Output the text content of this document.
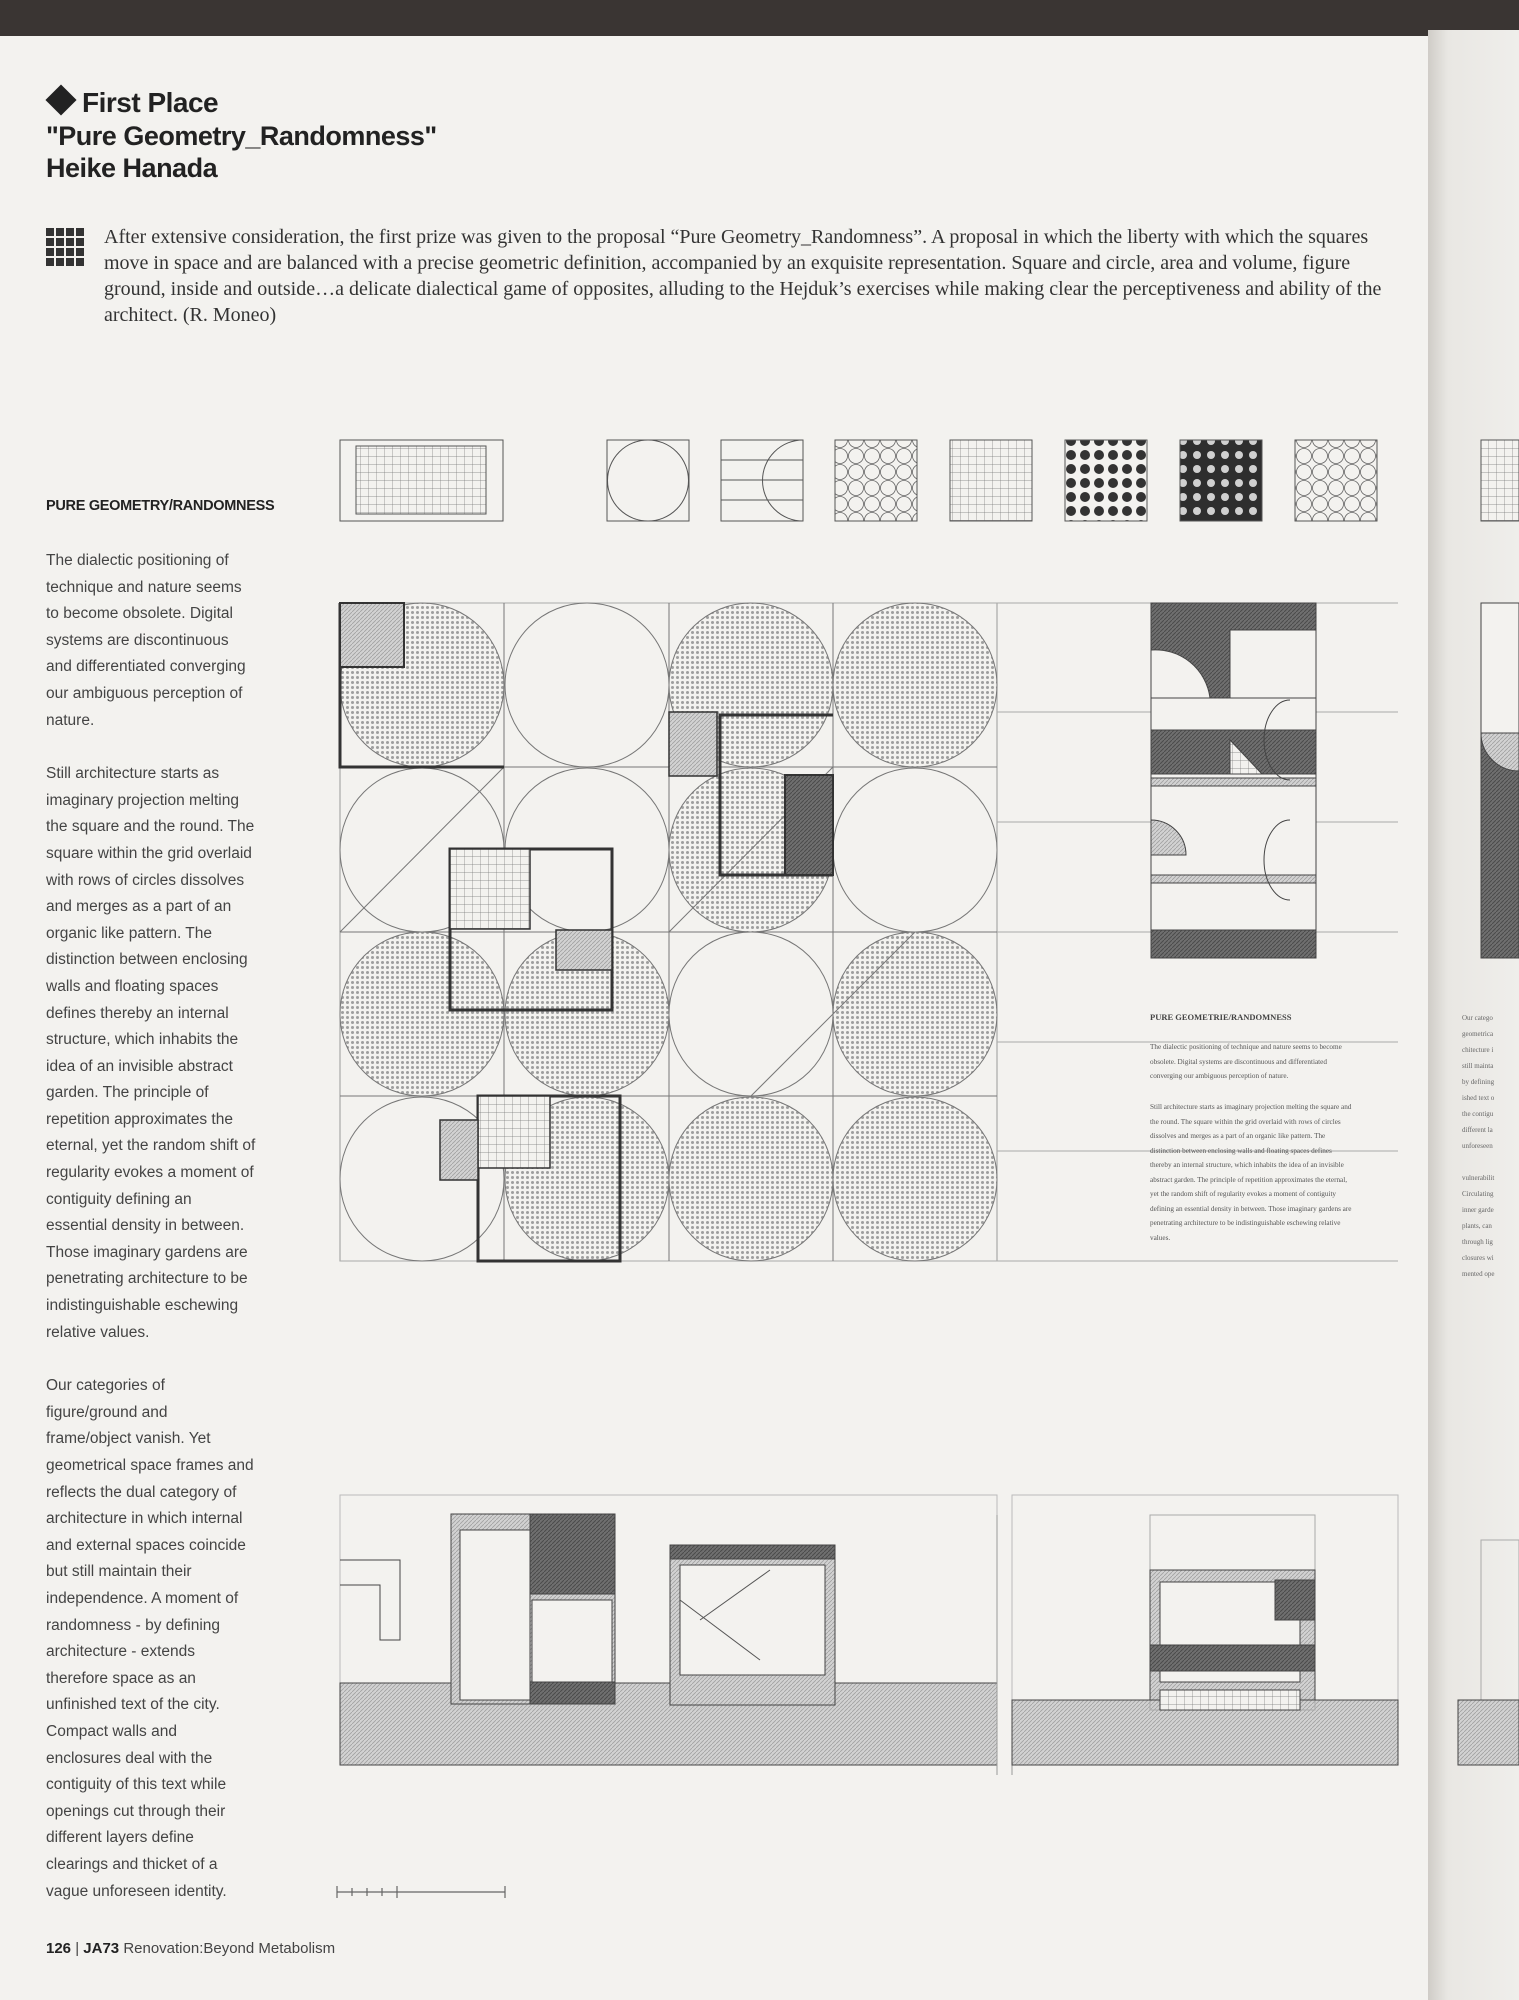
First Place
"Pure Geometry_Randomness"
Heike Hanada
After extensive consideration, the first prize was given to the proposal “Pure Geometry_Randomness”. A proposal in which the liberty with which the squares move in space and are balanced with a precise geometric definition, accompanied by an exquisite representation. Square and circle, area and volume, figure ground, inside and outside…a delicate dialectical game of opposites, alluding to the Hejduk’s exercises while making clear the perceptiveness and ability of the architect. (R. Moneo)
PURE GEOMETRY/RANDOMNESS

The dialectic positioning of technique and nature seems to become obsolete. Digital systems are discontinuous and differentiated converging our ambiguous perception of nature.

Still architecture starts as imaginary projection melting the square and the round. The square within the grid overlaid with rows of circles dissolves and merges as a part of an organic like pattern. The distinction between enclosing walls and floating spaces defines thereby an internal structure, which inhabits the idea of an invisible abstract garden. The principle of repetition approximates the eternal, yet the random shift of regularity evokes a moment of contiguity defining an essential density in between. Those imaginary gardens are penetrating architecture to be indistinguishable eschewing relative values.

Our categories of figure/ground and frame/object vanish. Yet geometrical space frames and reflects the dual category of architecture in which internal and external spaces coincide but still maintain their independence. A moment of randomness - by defining architecture - extends therefore space as an unfinished text of the city. Compact walls and enclosures deal with the contiguity of this text while openings cut through their different layers define clearings and thicket of a vague unforeseen identity.

PURE GEOMETRIE/RANDOMNESS
The dialectic positioning of technique and nature seems to become obsolete. Digital systems are discontinuous and differentiated converging our ambiguous perception of nature.
Still architecture starts as imaginary projection melting the square and the round. The square within the grid overlaid with rows of circles dissolves and merges as a part of an organic like pattern. The distinction between enclosing walls and floating spaces defines thereby an internal structure, which inhabits the idea of an invisible abstract garden. The principle of repetition approximates the eternal, yet the random shift of regularity evokes a moment of contiguity defining an essential density in between. Those imaginary gardens are penetrating architecture to be indistinguishable eschewing relative values.
Our catego
geometrica
chitecture i
still mainta
by defining
ished text o
the contigu
different la
unforeseen

vulnerabilit
Circulating
inner garde
plants, can
through lig
closures wi
mented ope
126 | JA73 Renovation:Beyond Metabolism
